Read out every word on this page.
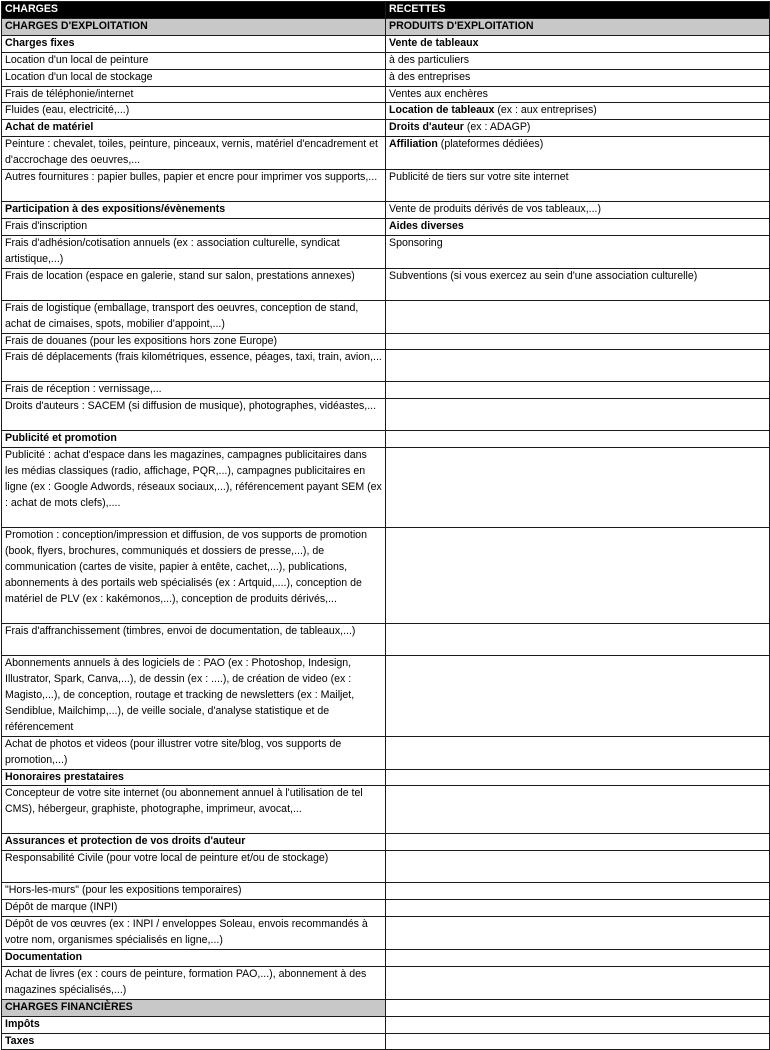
CHARGES	RECETTES
CHARGES D'EXPLOITATION	PRODUITS D'EXPLOITATION
Charges fixes	Vente de tableaux
Location d'un local de peinture	à des particuliers
Location d'un local de stockage	à des entreprises
Frais de téléphonie/internet	Ventes aux enchères
Fluides (eau, electricité,...)	Location de tableaux (ex : aux entreprises)
Achat de matériel	Droits d'auteur (ex : ADAGP)
Peinture : chevalet, toiles, peinture, pinceaux, vernis, matériel d'encadrement et d'accrochage des oeuvres,...	Affiliation (plateformes dédiées)
Autres fournitures : papier bulles, papier et encre pour imprimer vos supports,...	Publicité de tiers sur votre site internet
Participation à des expositions/évènements	Vente de produits dérivés de vos tableaux,...)
Frais d'inscription	Aides diverses
Frais d'adhésion/cotisation annuels (ex : association culturelle, syndicat artistique,...)	Sponsoring
Frais de location (espace en galerie, stand sur salon, prestations annexes)	Subventions (si vous exercez au sein d'une association culturelle)
Frais de logistique (emballage, transport des oeuvres, conception de stand, achat de cimaises, spots, mobilier d'appoint,...)	
Frais de douanes (pour les expositions hors zone Europe)	
Frais dé déplacements (frais kilométriques, essence, péages, taxi, train, avion,...	
Frais de réception : vernissage,...	
Droits d'auteurs : SACEM (si diffusion de musique), photographes, vidéastes,...	
Publicité et promotion	
Publicité : achat d'espace dans les magazines, campagnes publicitaires dans les médias classiques (radio, affichage, PQR,...), campagnes publicitaires en ligne (ex : Google Adwords, réseaux sociaux,...), référencement payant SEM (ex : achat de mots clefs),....	
Promotion : conception/impression et diffusion, de vos supports de promotion (book, flyers, brochures, communiqués et dossiers de presse,...), de communication (cartes de visite, papier à entête, cachet,...), publications, abonnements à des portails web spécialisés (ex : Artquid,....), conception de matériel de PLV (ex : kakémonos,...), conception de produits dérivés,...	
Frais d'affranchissement (timbres, envoi de documentation, de tableaux,...)	
Abonnements annuels à des logiciels de : PAO (ex : Photoshop, Indesign, Illustrator, Spark, Canva,...), de dessin (ex : ....), de création de video (ex : Magisto,...), de conception, routage et tracking de newsletters (ex : Mailjet, Sendiblue, Mailchimp,...), de veille sociale, d'analyse statistique et de référencement	
Achat de photos et videos (pour illustrer votre site/blog, vos supports de promotion,...)	
Honoraires prestataires	
Concepteur de votre site internet (ou abonnement annuel à l'utilisation de tel CMS), hébergeur, graphiste, photographe, imprimeur, avocat,...	
Assurances et protection de vos droits d'auteur	
Responsabilité Civile (pour votre local de peinture et/ou de stockage)	
"Hors-les-murs" (pour les expositions temporaires)	
Dépôt de marque (INPI)	
Dépôt de vos œuvres (ex : INPI / enveloppes Soleau, envois recommandés à votre nom, organismes spécialisés en ligne,...)	
Documentation	
Achat de livres (ex : cours de peinture, formation PAO,...), abonnement à des magazines spécialisés,...)	
CHARGES FINANCIÈRES	
Impôts	
Taxes	
